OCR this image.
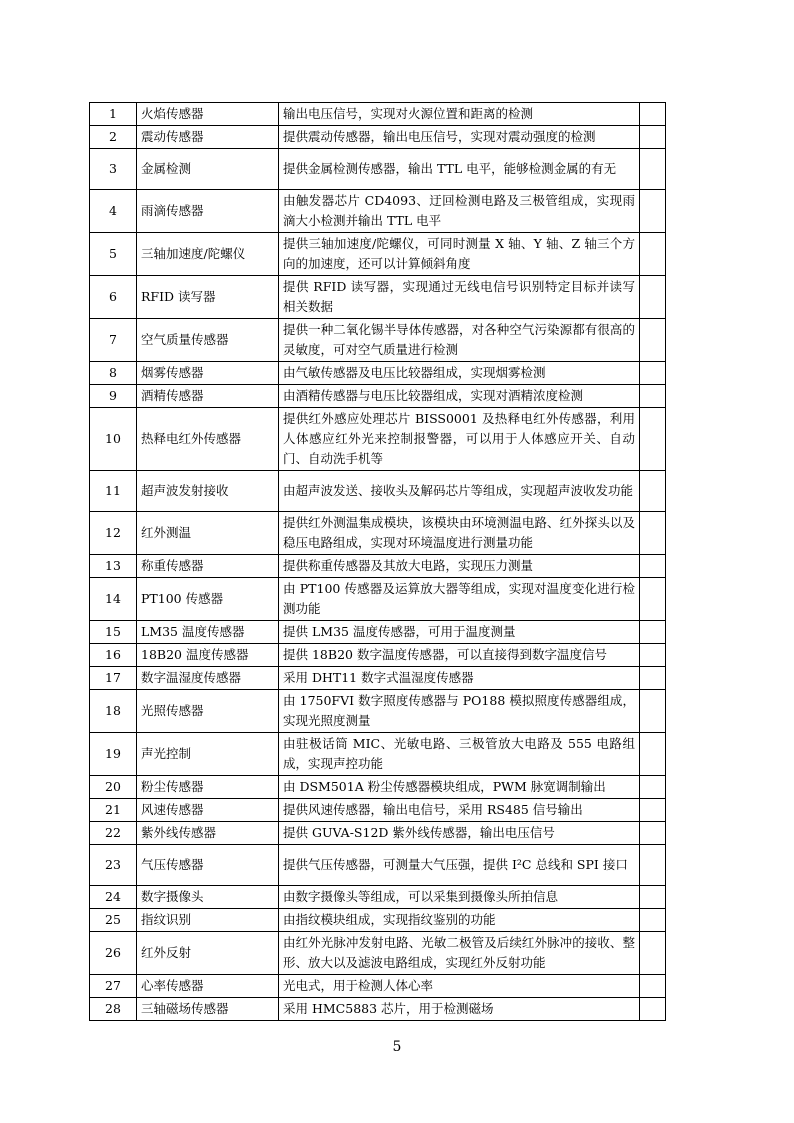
1	火焰传感器	输出电压信号，实现对火源位置和距离的检测	
2	震动传感器	提供震动传感器，输出电压信号，实现对震动强度的检测	
3	金属检测	提供金属检测传感器，输出 TTL 电平，能够检测金属的有无	
4	雨滴传感器	由触发器芯片 CD4093、迂回检测电路及三极管组成，实现雨滴大小检测并输出 TTL 电平	
5	三轴加速度/陀螺仪	提供三轴加速度/陀螺仪，可同时测量 X 轴、Y 轴、Z 轴三个方向的加速度，还可以计算倾斜角度	
6	RFID 读写器	提供 RFID 读写器，实现通过无线电信号识别特定目标并读写相关数据	
7	空气质量传感器	提供一种二氧化锡半导体传感器，对各种空气污染源都有很高的灵敏度，可对空气质量进行检测	
8	烟雾传感器	由气敏传感器及电压比较器组成，实现烟雾检测	
9	酒精传感器	由酒精传感器与电压比较器组成，实现对酒精浓度检测	
10	热释电红外传感器	提供红外感应处理芯片 BISS0001 及热释电红外传感器，利用人体感应红外光来控制报警器，可以用于人体感应开关、自动门、自动洗手机等	
11	超声波发射接收	由超声波发送、接收头及解码芯片等组成，实现超声波收发功能	
12	红外测温	提供红外测温集成模块，该模块由环境测温电路、红外探头以及稳压电路组成，实现对环境温度进行测量功能	
13	称重传感器	提供称重传感器及其放大电路，实现压力测量	
14	PT100 传感器	由 PT100 传感器及运算放大器等组成，实现对温度变化进行检测功能	
15	LM35 温度传感器	提供 LM35 温度传感器，可用于温度测量	
16	18B20 温度传感器	提供 18B20 数字温度传感器，可以直接得到数字温度信号	
17	数字温湿度传感器	采用 DHT11 数字式温湿度传感器	
18	光照传感器	由 1750FVI 数字照度传感器与 PO188 模拟照度传感器组成，实现光照度测量	
19	声光控制	由驻极话筒 MIC、光敏电路、三极管放大电路及 555 电路组成，实现声控功能	
20	粉尘传感器	由 DSM501A 粉尘传感器模块组成，PWM 脉宽调制输出	
21	风速传感器	提供风速传感器，输出电信号，采用 RS485 信号输出	
22	紫外线传感器	提供 GUVA-S12D 紫外线传感器，输出电压信号	
23	气压传感器	提供气压传感器，可测量大气压强，提供 I²C 总线和 SPI 接口	
24	数字摄像头	由数字摄像头等组成，可以采集到摄像头所拍信息	
25	指纹识别	由指纹模块组成，实现指纹鉴别的功能	
26	红外反射	由红外光脉冲发射电路、光敏二极管及后续红外脉冲的接收、整形、放大以及滤波电路组成，实现红外反射功能	
27	心率传感器	光电式，用于检测人体心率	
28	三轴磁场传感器	采用 HMC5883 芯片，用于检测磁场	
5
